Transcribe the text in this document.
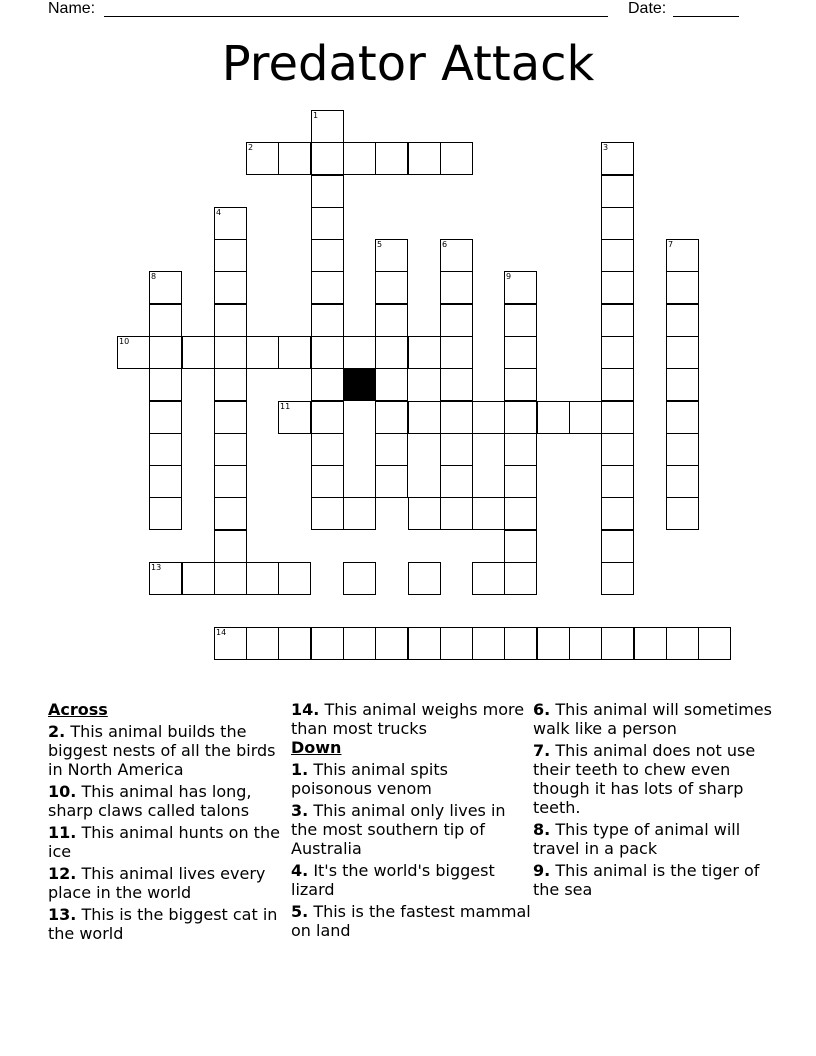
Name:	Date:
Predator Attack
1
2	3
4
5	6	7
8	9
10
11
13
14
Across
2. This animal builds the biggest nests of all the birds in North America
10. This animal has long, sharp claws called talons
11. This animal hunts on the ice
12. This animal lives every place in the world
13. This is the biggest cat in the world
14. This animal weighs more than most trucks
Down
1. This animal spits poisonous venom
3. This animal only lives in the most southern tip of Australia
4. It's the world's biggest lizard
5. This is the fastest mammal on land
6. This animal will sometimes walk like a person
7. This animal does not use their teeth to chew even though it has lots of sharp teeth.
8. This type of animal will travel in a pack
9. This animal is the tiger of the sea
